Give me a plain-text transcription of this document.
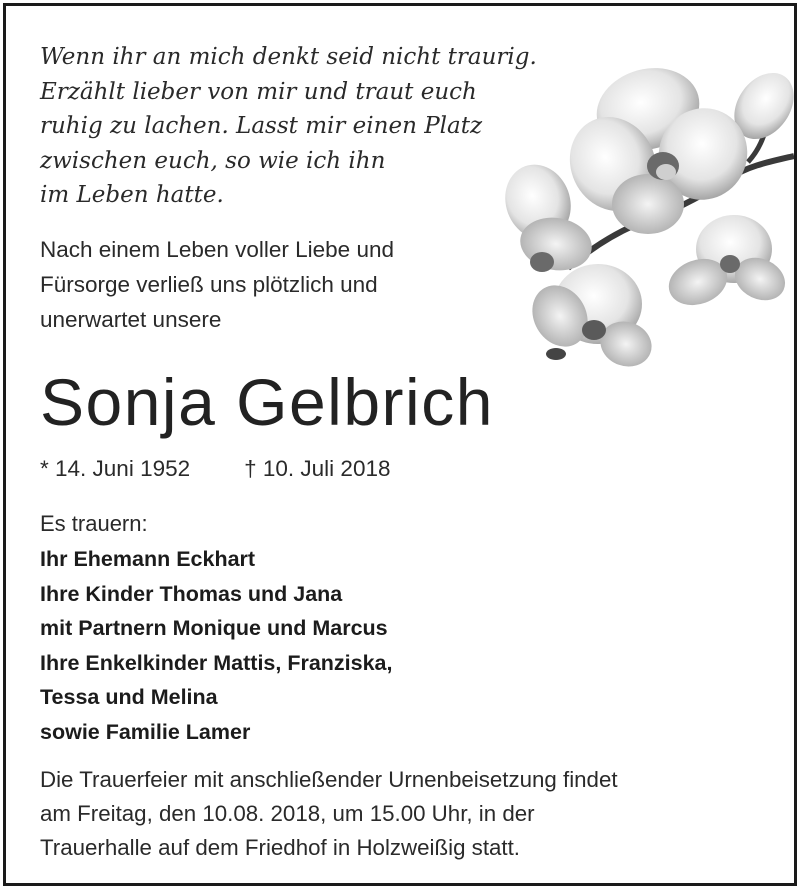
Wenn ihr an mich denkt seid nicht traurig.
Erzählt lieber von mir und traut euch
ruhig zu lachen. Lasst mir einen Platz
zwischen euch, so wie ich ihn
im Leben hatte.
Nach einem Leben voller Liebe und
Fürsorge verließ uns plötzlich und
unerwartet unsere
Sonja Gelbrich
* 14. Juni 1952 † 10. Juli 2018
Es trauern:
Ihr Ehemann Eckhart
Ihre Kinder Thomas und Jana
mit Partnern Monique und Marcus
Ihre Enkelkinder Mattis, Franziska,
Tessa und Melina
sowie Familie Lamer
Die Trauerfeier mit anschließender Urnenbeisetzung findet
am Freitag, den 10.08. 2018, um 15.00 Uhr, in der
Trauerhalle auf dem Friedhof in Holzweißig statt.
